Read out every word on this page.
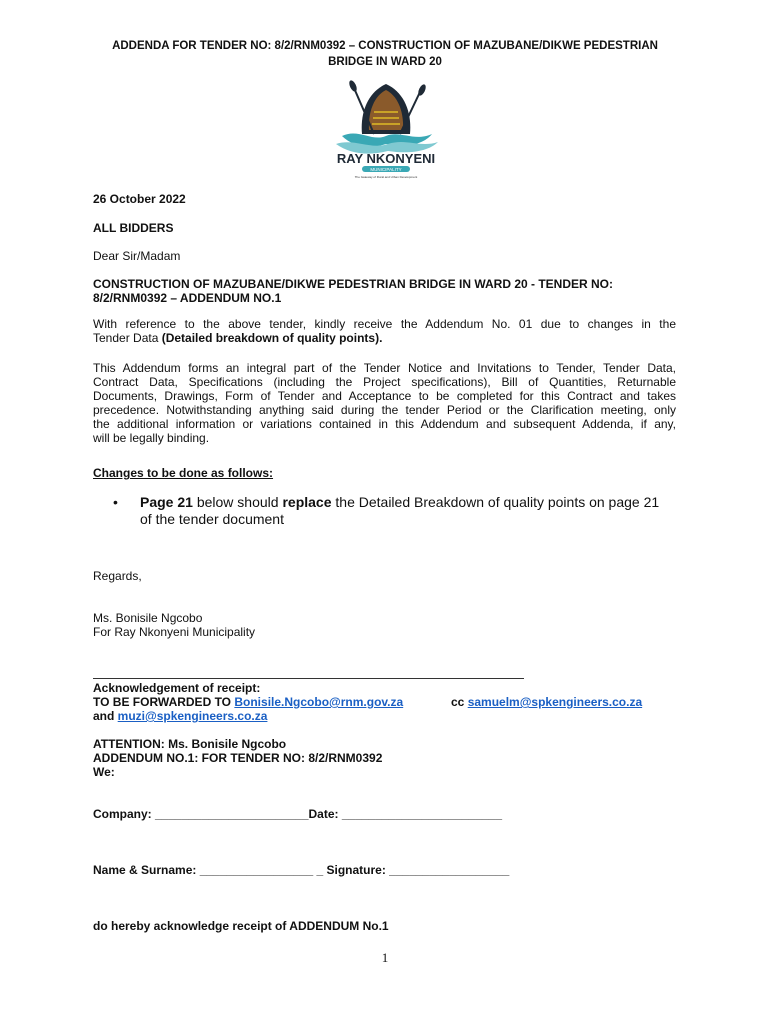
ADDENDA FOR TENDER NO: 8/2/RNM0392 – CONSTRUCTION OF MAZUBANE/DIKWE PEDESTRIAN
BRIDGE IN WARD 20
RAY NKONYENI
MUNICIPALITY
The Gateway of Rural and Urban Development
26 October 2022
ALL BIDDERS
Dear Sir/Madam
CONSTRUCTION OF MAZUBANE/DIKWE PEDESTRIAN BRIDGE IN WARD 20 - TENDER NO:
8/2/RNM0392 – ADDENDUM NO.1
With reference to the above tender, kindly receive the Addendum No. 01 due to changes in the
Tender Data (Detailed breakdown of quality points).
This Addendum forms an integral part of the Tender Notice and Invitations to Tender, Tender Data,
Contract Data, Specifications (including the Project specifications), Bill of Quantities, Returnable
Documents, Drawings, Form of Tender and Acceptance to be completed for this Contract and takes
precedence. Notwithstanding anything said during the tender Period or the Clarification meeting, only
the additional information or variations contained in this Addendum and subsequent Addenda, if any,
will be legally binding.
Changes to be done as follows:
• Page 21 below should replace the Detailed Breakdown of quality points on page 21
of the tender document
Regards,
Ms. Bonisile Ngcobo
For Ray Nkonyeni Municipality
Acknowledgement of receipt:
TO BE FORWARDED TO Bonisile.Ngcobo@rnm.gov.za	cc samuelm@spkengineers.co.za
and muzi@spkengineers.co.za
ATTENTION: Ms. Bonisile Ngcobo
ADDENDUM NO.1: FOR TENDER NO: 8/2/RNM0392
We:
Company: _______________________Date: ________________________
Name & Surname: _________________ _ Signature: __________________
do hereby acknowledge receipt of ADDENDUM No.1
1
